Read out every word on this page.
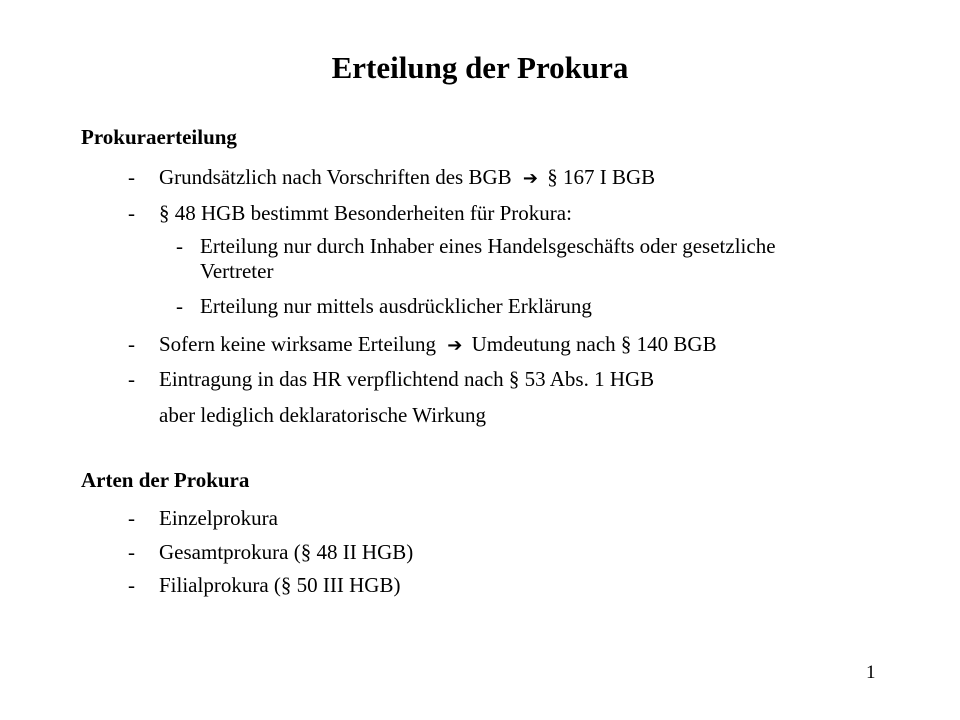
Erteilung der Prokura
Prokuraerteilung
- Grundsätzlich nach Vorschriften des BGB ➔ § 167 I BGB
- § 48 HGB bestimmt Besonderheiten für Prokura:
- Erteilung nur durch Inhaber eines Handelsgeschäfts oder gesetzliche
Vertreter
- Erteilung nur mittels ausdrücklicher Erklärung
- Sofern keine wirksame Erteilung ➔ Umdeutung nach § 140 BGB
- Eintragung in das HR verpflichtend nach § 53 Abs. 1 HGB
aber lediglich deklaratorische Wirkung
Arten der Prokura
- Einzelprokura
- Gesamtprokura (§ 48 II HGB)
- Filialprokura (§ 50 III HGB)
1
